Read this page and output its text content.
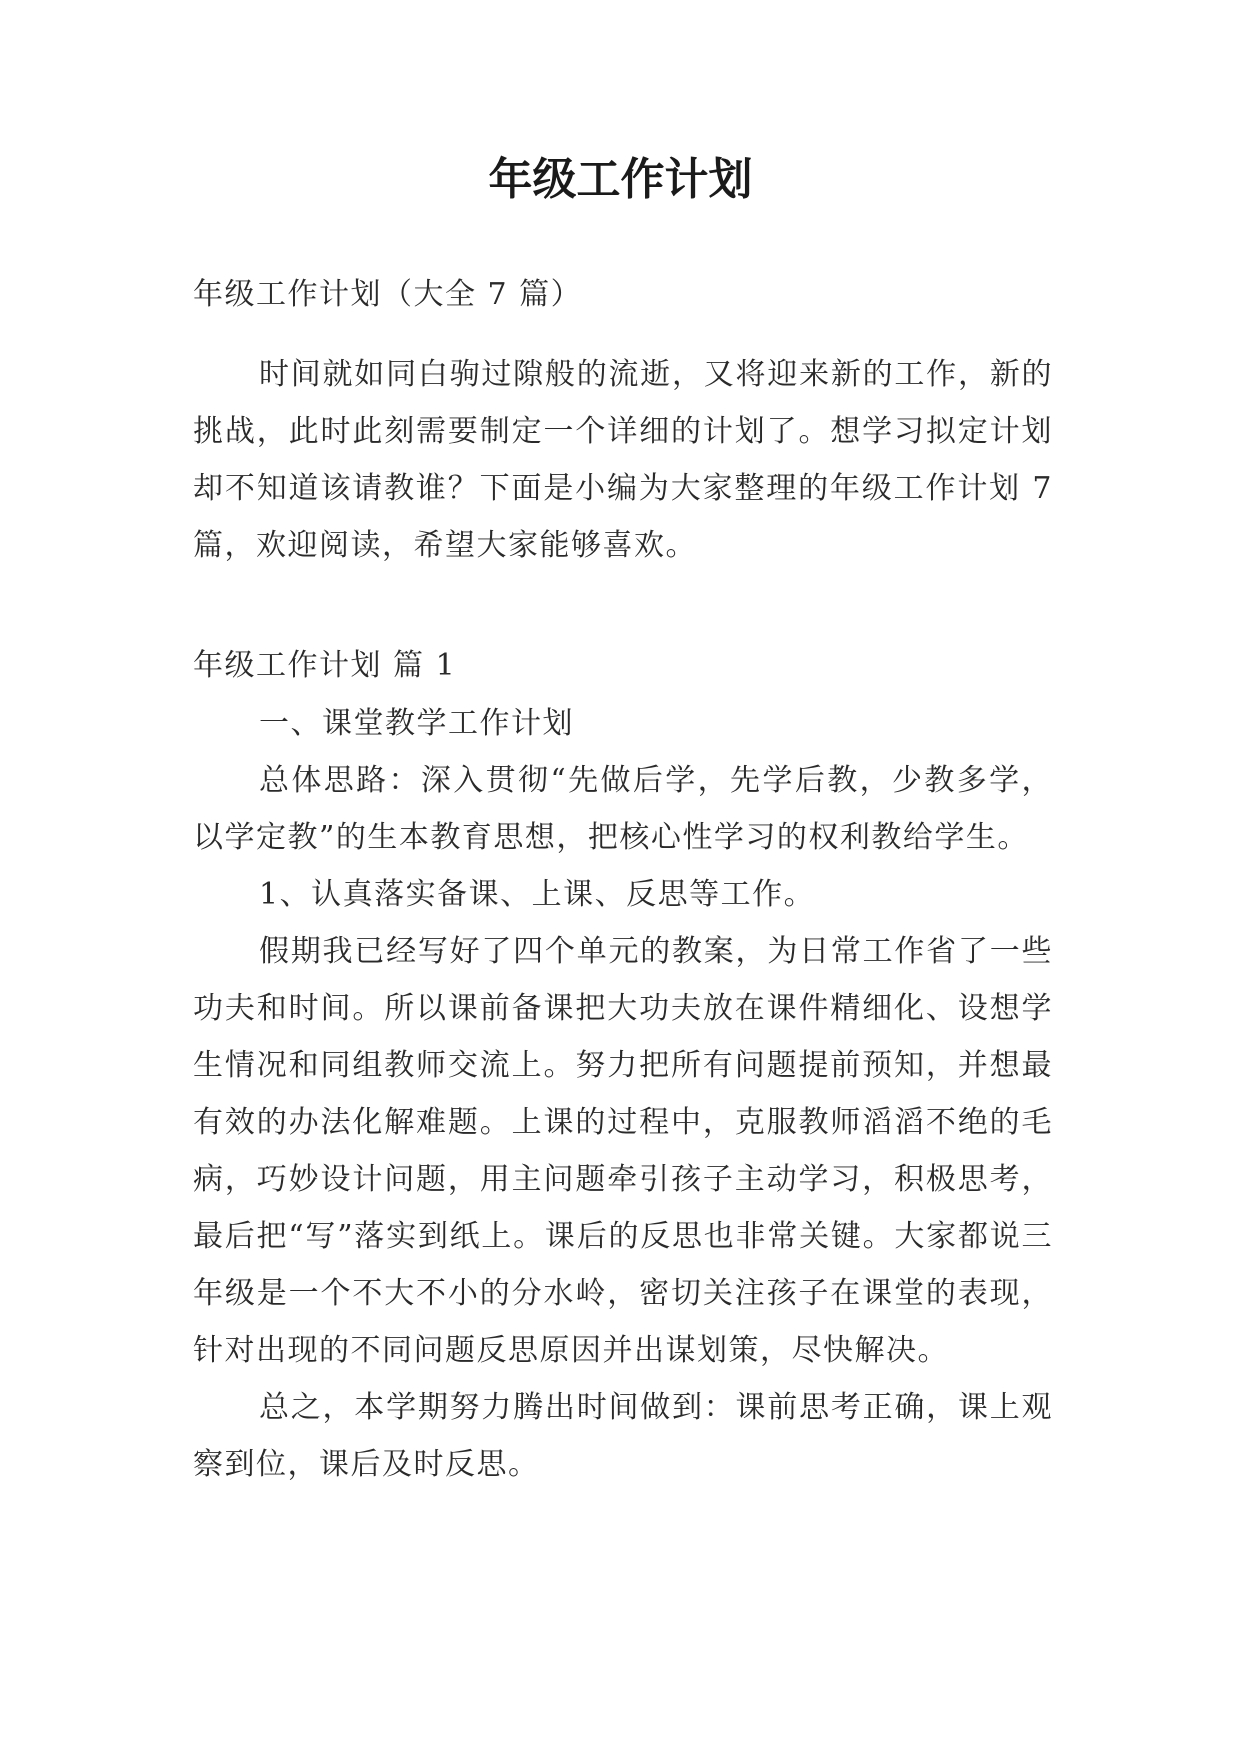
年级工作计划

年级工作计划（大全 7 篇）

时间就如同白驹过隙般的流逝，又将迎来新的工作，新的挑战，此时此刻需要制定一个详细的计划了。想学习拟定计划却不知道该请教谁？下面是小编为大家整理的年级工作计划 7 篇，欢迎阅读，希望大家能够喜欢。

年级工作计划 篇 1

一、课堂教学工作计划

总体思路：深入贯彻“先做后学，先学后教，少教多学，以学定教”的生本教育思想，把核心性学习的权利教给学生。

1、认真落实备课、上课、反思等工作。

假期我已经写好了四个单元的教案，为日常工作省了一些功夫和时间。所以课前备课把大功夫放在课件精细化、设想学生情况和同组教师交流上。努力把所有问题提前预知，并想最有效的办法化解难题。上课的过程中，克服教师滔滔不绝的毛病，巧妙设计问题，用主问题牵引孩子主动学习，积极思考，最后把“写”落实到纸上。课后的反思也非常关键。大家都说三年级是一个不大不小的分水岭，密切关注孩子在课堂的表现，针对出现的不同问题反思原因并出谋划策，尽快解决。

总之，本学期努力腾出时间做到：课前思考正确，课上观察到位，课后及时反思。
